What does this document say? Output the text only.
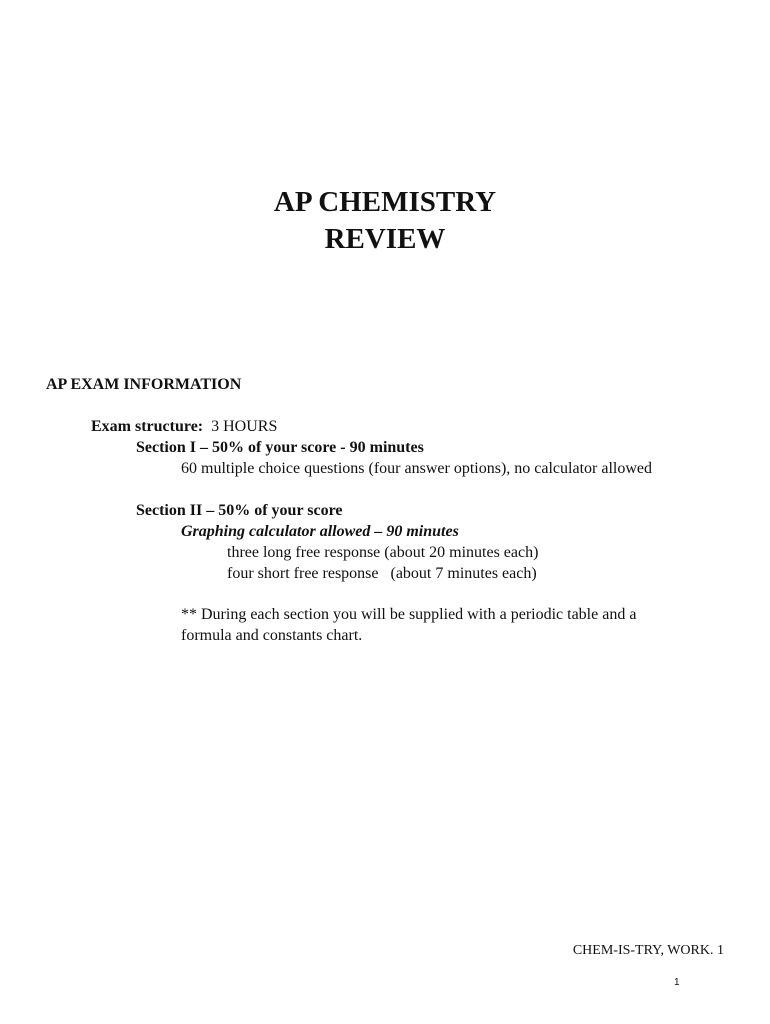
AP CHEMISTRY
REVIEW
AP EXAM INFORMATION
Exam structure: 3 HOURS
Section I – 50% of your score - 90 minutes
60 multiple choice questions (four answer options), no calculator allowed
Section II – 50% of your score
Graphing calculator allowed – 90 minutes
three long free response (about 20 minutes each)
four short free response   (about 7 minutes each)
** During each section you will be supplied with a periodic table and a
formula and constants chart.
CHEM-IS-TRY, WORK. 1
1
